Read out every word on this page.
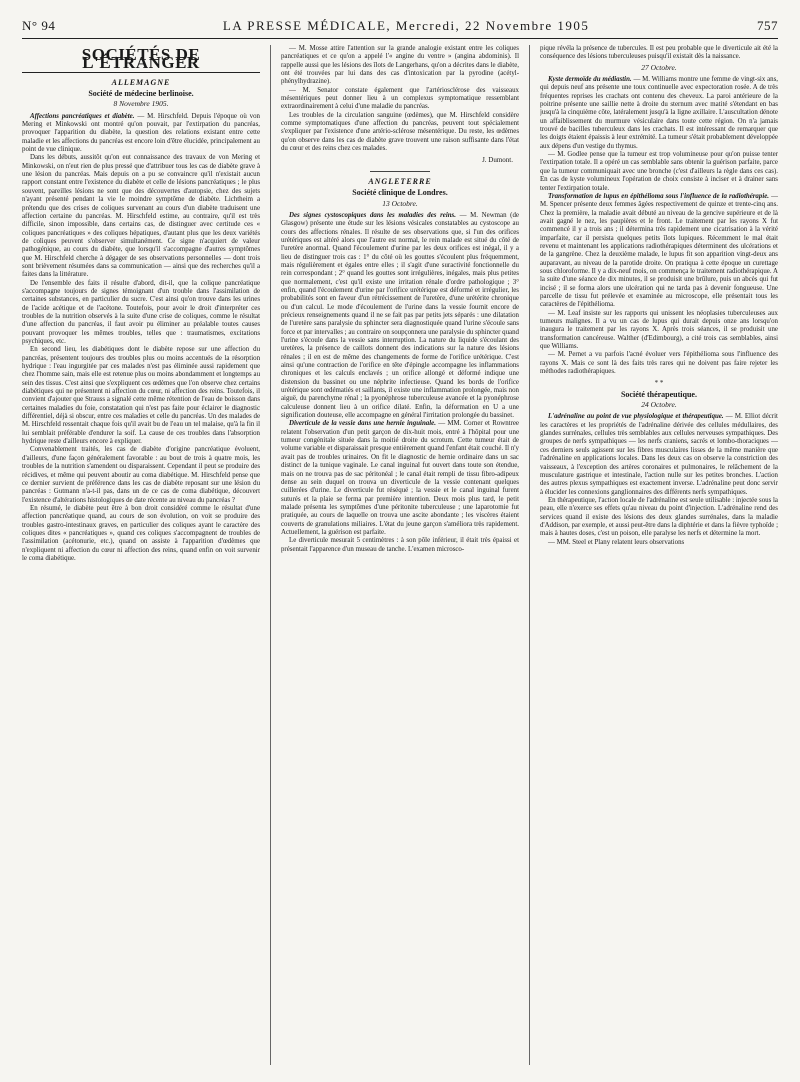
N° 94	LA PRESSE MÉDICALE, Mercredi, 22 Novembre 1905	757
SOCIÉTÉS DE L'ÉTRANGER
ALLEMAGNE
Société de médecine berlinoise.
8 Novembre 1905.

Affections pancréatiques et diabète. — M. Hirschfeld. Depuis l'époque où von Mering et Minkowski ont montré qu'on pouvait, par l'extirpation du pancréas, provoquer l'apparition du diabète, la question des relations existant entre cette maladie et les affections du pancréas est encore loin d'être élucidée, principalement au point de vue clinique.

Dans les débuts, aussitôt qu'on eut connaissance des travaux de von Mering et Minkowski, on n'eut rien de plus pressé que d'attribuer tous les cas de diabète grave à une lésion du pancréas. Mais depuis on a pu se convaincre qu'il n'existait aucun rapport constant entre l'existence du diabète et celle de lésions pancréatiques ; le plus souvent, pareilles lésions ne sont que des découvertes d'autopsie, chez des sujets n'ayant présenté pendant la vie le moindre symptôme de diabète. Lichtheim a prétendu que des crises de coliques survenant au cours d'un diabète traduisent une affection certaine du pancréas. M. Hirschfeld estime, au contraire, qu'il est très difficile, sinon impossible, dans certains cas, de distinguer avec certitude ces « coliques pancréatiques » des coliques hépatiques, d'autant plus que les deux variétés de coliques peuvent s'observer simultanément. Ce signe n'acquiert de valeur pathogénique, au cours du diabète, que lorsqu'il s'accompagne d'autres symptômes que M. Hirschfeld cherche à dégager de ses observations personnelles — dont trois sont brièvement résumées dans sa communication — ainsi que des recherches qu'il a faites dans la littérature.

De l'ensemble des faits il résulte d'abord, dit-il, que la colique pancréatique s'accompagne toujours de signes témoignant d'un trouble dans l'assimilation de certaines substances, en particulier du sucre. C'est ainsi qu'on trouve dans les urines de l'acide acétique et de l'acétone. Toutefois, pour avoir le droit d'interpréter ces troubles de la nutrition observés à la suite d'une crise de coliques, comme le résultat d'une affection du pancréas, il faut avoir pu éliminer au préalable toutes causes pouvant provoquer les mêmes troubles, telles que : traumatismes, excitations psychiques, etc.

En second lieu, les diabétiques dont le diabète repose sur une affection du pancréas, présentent toujours des troubles plus ou moins accentués de la résorption hydrique : l'eau ingurgitée par ces malades n'est pas éliminée aussi rapidement que chez l'homme sain, mais elle est retenue plus ou moins abondamment et longtemps au sein des tissus. C'est ainsi que s'expliquent ces œdèmes que l'on observe chez certains diabétiques qui ne présentent ni affection du cœur, ni affection des reins. Toutefois, il convient d'ajouter que Strauss a signalé cette même rétention de l'eau de boisson dans certaines maladies du foie, constatation qui n'est pas faite pour éclairer le diagnostic différentiel, déjà si obscur, entre ces maladies et celle du pancréas. Un des malades de M. Hirschfeld ressentait chaque fois qu'il avait bu de l'eau un tel malaise, qu'à la fin il lui semblait préférable d'endurer la soif. La cause de ces troubles dans l'absorption hydrique reste d'ailleurs encore à expliquer.

Convenablement traités, les cas de diabète d'origine pancréatique évoluent, d'ailleurs, d'une façon généralement favorable : au bout de trois à quatre mois, les troubles de la nutrition s'amendent ou disparaissent. Cependant il peut se produire des récidives, et même qui peuvent aboutir au coma diabétique. M. Hirschfeld pense que ce dernier survient de préférence dans les cas de diabète reposant sur une lésion du pancréas : Gutmann n'a-t-il pas, dans un de ce cas de coma diabétique, découvert l'existence d'altérations histologiques de date récente au niveau du pancréas ?

En résumé, le diabète peut être à bon droit considéré comme le résultat d'une affection pancréatique quand, au cours de son évolution, on voit se produire des troubles gastro-intestinaux graves, en particulier des coliques ayant le caractère des coliques dites « pancréatiques », quand ces coliques s'accompagnent de troubles de l'assimilation (acétonurie, etc.), quand on assiste à l'apparition d'œdèmes que n'expliquent ni affection du cœur ni affection des reins, quand enfin on voit survenir le coma diabétique.

— M. Mosse attire l'attention sur la grande analogie existant entre les coliques pancréatiques et ce qu'on a appelé l'« angine du ventre » (angina abdominis). Il rappelle aussi que les lésions des îlots de Langerhans, qu'on a décrites dans le diabète, ont été trouvées par lui dans des cas d'intoxication par la pyrodine (acétyl-phénylhydrazine).

— M. Senator constate également que l'artériosclérose des vaisseaux mésentériques peut donner lieu à un complexus symptomatique ressemblant extraordinairement à celui d'une maladie du pancréas.

Les troubles de la circulation sanguine (œdèmes), que M. Hirschfeld considère comme symptomatiques d'une affection du pancréas, peuvent tout spécialement s'expliquer par l'existence d'une artério-sclérose mésentérique. Du reste, les œdèmes qu'on observe dans les cas de diabète grave trouvent une raison suffisante dans l'état du cœur et des reins chez ces malades.

J. Dumont.
ANGLETERRE
Société clinique de Londres.
13 Octobre.

Des signes cystoscopiques dans les maladies des reins. — M. Newman (de Glasgow) présente une étude sur les lésions vésicales constatables au cystoscope au cours des affections rénales. Il résulte de ses observations que, si l'un des orifices urétériques est altéré alors que l'autre est normal, le rein malade est situé du côté de l'uretère anormal. Quand l'écoulement d'urine par les deux orifices est inégal, il y a lieu de distinguer trois cas : 1° du côté où les gouttes s'écoulent plus fréquemment, mais régulièrement et égales entre elles ; il s'agit d'une suractivité fonctionnelle du rein correspondant ; 2° quand les gouttes sont irrégulières, inégales, mais plus petites que normalement, c'est qu'il existe une irritation rénale d'ordre pathologique ; 3° enfin, quand l'écoulement d'urine par l'orifice urétérique est déformé et irrégulier, les probabilités sont en faveur d'un rétrécissement de l'uretère, d'une urétérite chronique ou d'un calcul. Le mode d'écoulement de l'urine dans la vessie fournit encore de précieux renseignements quand il ne se fait pas par petits jets séparés : une dilatation de l'uretère sans paralysie du sphincter sera diagnostiquée quand l'urine s'écoule sans force et par intervalles ; au contraire on soupçonnera une paralysie du sphincter quand l'urine s'écoule dans la vessie sans interruption. La nature du liquide s'écoulant des uretères, la présence de caillots donnent des indications sur la nature des lésions rénales ; il en est de même des changements de forme de l'orifice urétérique. C'est ainsi qu'une contraction de l'orifice en tête d'épingle accompagne les inflammations chroniques et les calculs enclavés ; un orifice allongé et déformé indique une distension du bassinet ou une néphrite infectieuse. Quand les bords de l'orifice urétérique sont œdématiés et saillants, il existe une inflammation prolongée, mais non aiguë, du parenchyme rénal ; la pyonéphrose tuberculeuse avancée et la pyonéphrose calculeuse donnent lieu à un orifice dilaté. Enfin, la déformation en U a une signification douteuse, elle accompagne en général l'irritation prolongée du bassinet.

Diverticule de la vessie dans une hernie inguinale. — MM. Corner et Rowntree relatent l'observation d'un petit garçon de dix-huit mois, entré à l'hôpital pour une tumeur congénitale située dans la moitié droite du scrotum. Cette tumeur était de volume variable et disparaissait presque entièrement quand l'enfant était couché. Il n'y avait pas de troubles urinaires. On fit le diagnostic de hernie ordinaire dans un sac distinct de la tunique vaginale. Le canal inguinal fut ouvert dans toute son étendue, mais on ne trouva pas de sac péritonéal ; le canal était rempli de tissu fibro-adipeux dense au sein duquel on trouva un diverticule de la vessie contenant quelques cuillerées d'urine. Le diverticule fut réséqué ; la vessie et le canal inguinal furent suturés et la plaie se ferma par première intention. Deux mois plus tard, le petit malade présenta les symptômes d'une péritonite tuberculeuse ; une laparotomie fut pratiquée, au cours de laquelle on trouva une ascite abondante ; les viscères étaient couverts de granulations miliaires. L'état du jeune garçon s'améliora très rapidement. Actuellement, la guérison est parfaite.

Le diverticule mesurait 5 centimètres : à son pôle inférieur, il était très épaissi et présentait l'apparence d'un museau de tanche. L'examen microsco-

pique révéla la présence de tubercules. Il est peu probable que le diverticule ait été la conséquence des lésions tuberculeuses puisqu'il existait dès la naissance.

27 Octobre.

Kyste dermoïde du médiastin. — M. Williams montre une femme de vingt-six ans, qui depuis neuf ans présente une toux continuelle avec expectoration rosée. A de très fréquentes reprises les crachats ont contenu des cheveux. La paroi antérieure de la poitrine présente une saillie nette à droite du sternum avec matité s'étendant en bas jusqu'à la cinquième côte, latéralement jusqu'à la ligne axillaire. L'auscultation dénote un affaiblissement du murmure vésiculaire dans toute cette région. On n'a jamais trouvé de bacilles tuberculeux dans les crachats. Il est intéressant de remarquer que les doigts étaient épaissis à leur extrémité. La tumeur s'était probablement développée aux dépens d'un vestige du thymus.

— M. Godlee pense que la tumeur est trop volumineuse pour qu'on puisse tenter l'extirpation totale. Il a opéré un cas semblable sans obtenir la guérison parfaite, parce que la tumeur communiquait avec une bronche (c'est d'ailleurs la règle dans ces cas). En cas de kyste volumineux l'opération de choix consiste à inciser et à drainer sans tenter l'extirpation totale.

Transformation de lupus en épithélioma sous l'influence de la radiothérapie. — M. Spencer présente deux femmes âgées respectivement de quinze et trente-cinq ans. Chez la première, la maladie avait débuté au niveau de la gencive supérieure et de là avait gagné le nez, les paupières et le front. Le traitement par les rayons X fut commencé il y a trois ans ; il détermina très rapidement une cicatrisation à la vérité imparfaite, car il persista quelques petits îlots lupiques. Récemment le mal était revenu et maintenant les applications radiothérapiques déterminent des ulcérations et de la gangrène. Chez la deuxième malade, le lupus fit son apparition vingt-deux ans auparavant, au niveau de la parotide droite. On pratiqua à cette époque un curettage sous chloroforme. Il y a dix-neuf mois, on commença le traitement radiothérapique. A la suite d'une séance de dix minutes, il se produisit une brûlure, puis un abcès qui fut incisé ; il se forma alors une ulcération qui ne tarda pas à devenir fongueuse. Une parcelle de tissu fut prélevée et examinée au microscope, elle présentait tous les caractères de l'épithélioma.

— M. Leaf insiste sur les rapports qui unissent les néoplasies tuberculeuses aux tumeurs malignes. Il a vu un cas de lupus qui durait depuis onze ans lorsqu'on inaugura le traitement par les rayons X. Après trois séances, il se produisit une transformation cancéreuse. Walther (d'Edimbourg), a cité trois cas semblables, ainsi que Williams.

— M. Pernet a vu parfois l'acné évoluer vers l'épithélioma sous l'influence des rayons X. Mais ce sont là des faits très rares qui ne doivent pas faire rejeter les méthodes radiothérapiques.

* *
Société thérapeutique.
24 Octobre.

L'adrénaline au point de vue physiologique et thérapeutique. — M. Elliot décrit les caractères et les propriétés de l'adrénaline dérivée des cellules médullaires, des glandes surrénales, cellules très semblables aux cellules nerveuses sympathiques. Des groupes de nerfs sympathiques — les nerfs craniens, sacrés et lombo-thoraciques — ces derniers seuls agissent sur les fibres musculaires lisses de la même manière que l'adrénaline en applications locales. Dans les deux cas on observe la constriction des vaisseaux, à l'exception des artères coronaires et pulmonaires, le relâchement de la musculature gastrique et intestinale, l'action nulle sur les petites bronches. L'action des autres plexus sympathiques est exactement inverse. L'adrénaline peut donc servir à élucider les connexions ganglionnaires des différents nerfs sympathiques.

En thérapeutique, l'action locale de l'adrénaline est seule utilisable : injectée sous la peau, elle n'exerce ses effets qu'au niveau du point d'injection. L'adrénaline rend des services quand il existe des lésions des deux glandes surrénales, dans la maladie d'Addison, par exemple, et aussi peut-être dans la diphtérie et dans la fièvre typhoïde ; mais à hautes doses, c'est un poison, elle paralyse les nerfs et détermine la mort.

— MM. Steel et Plany relatent leurs observations
